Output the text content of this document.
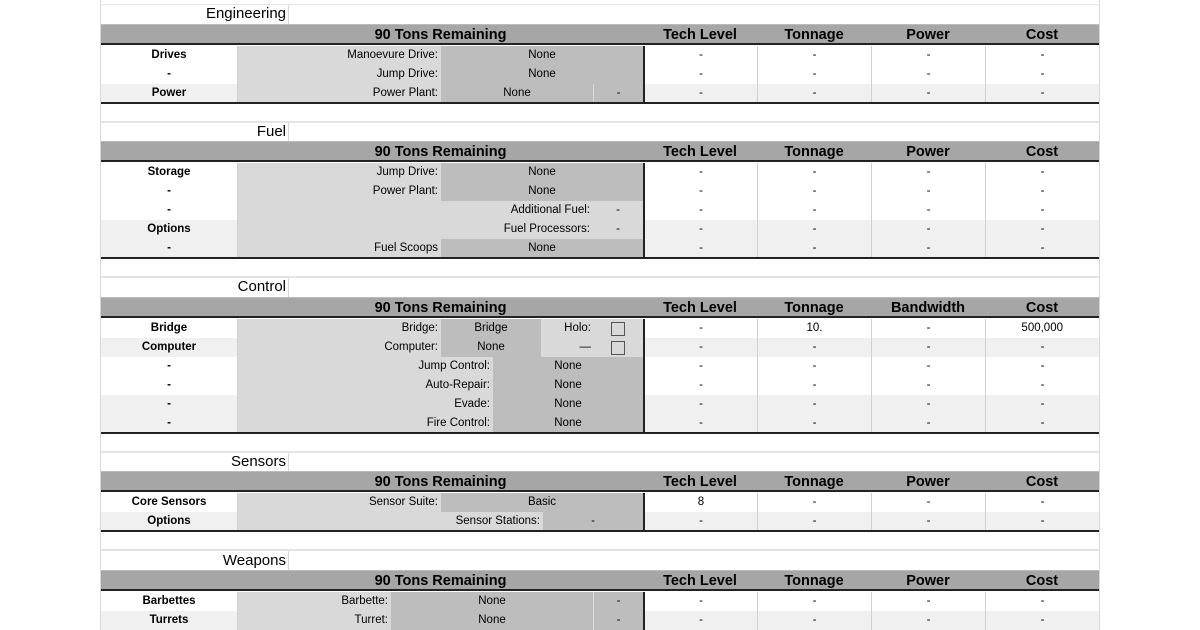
Engineering
90 Tons Remaining	Tech Level	Tonnage	Power	Cost
Drives	Manoevure Drive:	None	-	-	-	-
-	Jump Drive:	None	-	-	-	-
Power	Power Plant:	None	-	-	-	-	-
Fuel
90 Tons Remaining	Tech Level	Tonnage	Power	Cost
Storage	Jump Drive:	None	-	-	-	-
-	Power Plant:	None	-	-	-	-
-	Additional Fuel:	-	-	-	-	-
Options	Fuel Processors:	-	-	-	-	-
-	Fuel Scoops	None	-	-	-	-
Control
90 Tons Remaining	Tech Level	Tonnage	Bandwidth	Cost
Bridge	Bridge:	Bridge	Holo:	-	10.	-	500,000
Computer	Computer:	None	—	-	-	-	-
-	Jump Control:	None	-	-	-	-
-	Auto-Repair:	None	-	-	-	-
-	Evade:	None	-	-	-	-
-	Fire Control:	None	-	-	-	-
Sensors
90 Tons Remaining	Tech Level	Tonnage	Power	Cost
Core Sensors	Sensor Suite:	Basic	8	-	-	-
Options	Sensor Stations:	-	-	-	-	-
Weapons
90 Tons Remaining	Tech Level	Tonnage	Power	Cost
Barbettes	Barbette:	None	-	-	-	-	-
Turrets	Turret:	None	-	-	-	-	-
